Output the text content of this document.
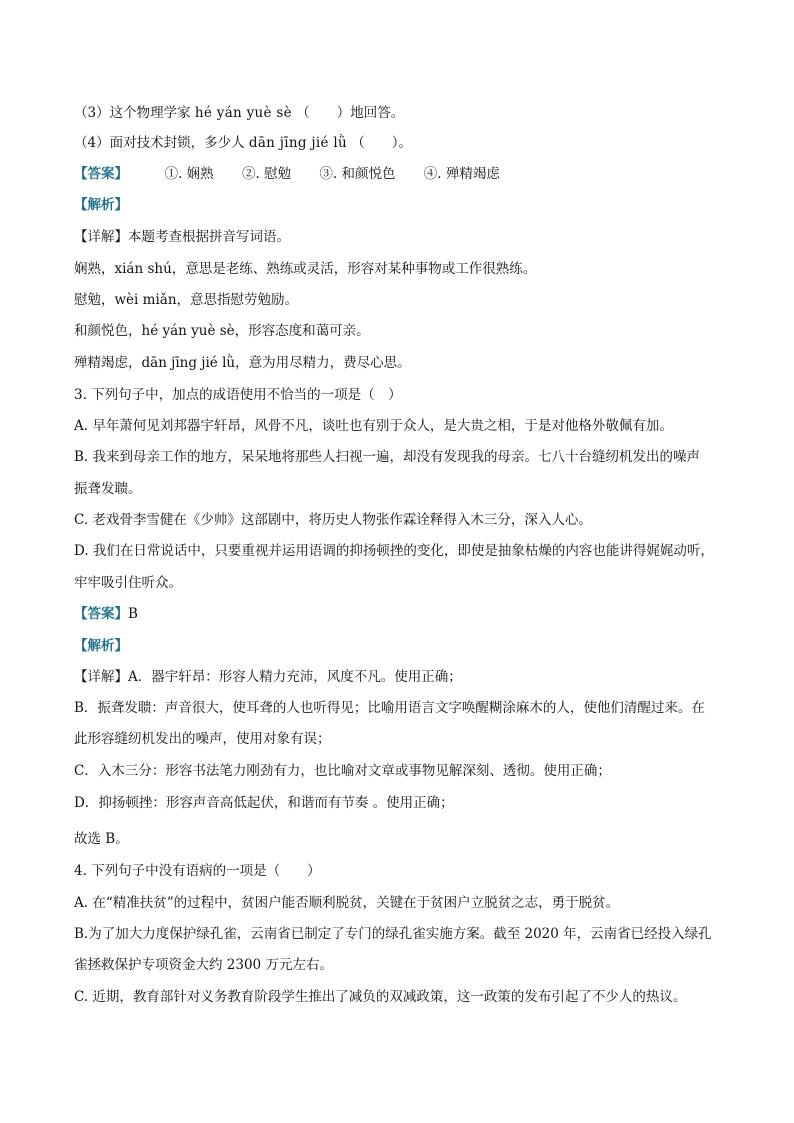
（3）这个物理学家 hé yán yuè sè （　　）地回答。
（4）面对技术封锁，多少人 dān jīng jié lǜ （　　）。
【答案】	①. 娴熟 ②. 慰勉 ③. 和颜悦色 ④. 殚精竭虑
【解析】
【详解】本题考查根据拼音写词语。
娴熟，xián shú，意思是老练、熟练或灵活，形容对某种事物或工作很熟练。
慰勉，wèi miǎn，意思指慰劳勉励。
和颜悦色，hé yán yuè sè，形容态度和蔼可亲。
殚精竭虑，dān jīng jié lǜ，意为用尽精力，费尽心思。
3. 下列句子中，加点的成语使用不恰当的一项是（　）
A. 早年萧何见刘邦器宇轩昂，风骨不凡，谈吐也有别于众人，是大贵之相，于是对他格外敬佩有加。
B. 我来到母亲工作的地方，呆呆地将那些人扫视一遍，却没有发现我的母亲。七八十台缝纫机发出的噪声
振聋发聩。
C. 老戏骨李雪健在《少帅》这部剧中，将历史人物张作霖诠释得入木三分，深入人心。
D. 我们在日常说话中，只要重视并运用语调的抑扬顿挫的变化，即使是抽象枯燥的内容也能讲得娓娓动听，
牢牢吸引住听众。
【答案】B
【解析】
【详解】A．器宇轩昂：形容人精力充沛，风度不凡。使用正确；
B．振聋发聩：声音很大，使耳聋的人也听得见；比喻用语言文字唤醒糊涂麻木的人，使他们清醒过来。在
此形容缝纫机发出的噪声，使用对象有误；
C．入木三分：形容书法笔力刚劲有力，也比喻对文章或事物见解深刻、透彻。使用正确；
D．抑扬顿挫：形容声音高低起伏，和谐而有节奏 。使用正确；
故选 B。
4. 下列句子中没有语病的一项是（　　）
A. 在“精准扶贫”的过程中，贫困户能否顺利脱贫，关键在于贫困户立脱贫之志，勇于脱贫。
B.为了加大力度保护绿孔雀，云南省已制定了专门的绿孔雀实施方案。截至 2020 年，云南省已经投入绿孔
雀拯救保护专项资金大约 2300 万元左右。
C. 近期，教育部针对义务教育阶段学生推出了减负的双减政策，这一政策的发布引起了不少人的热议。
